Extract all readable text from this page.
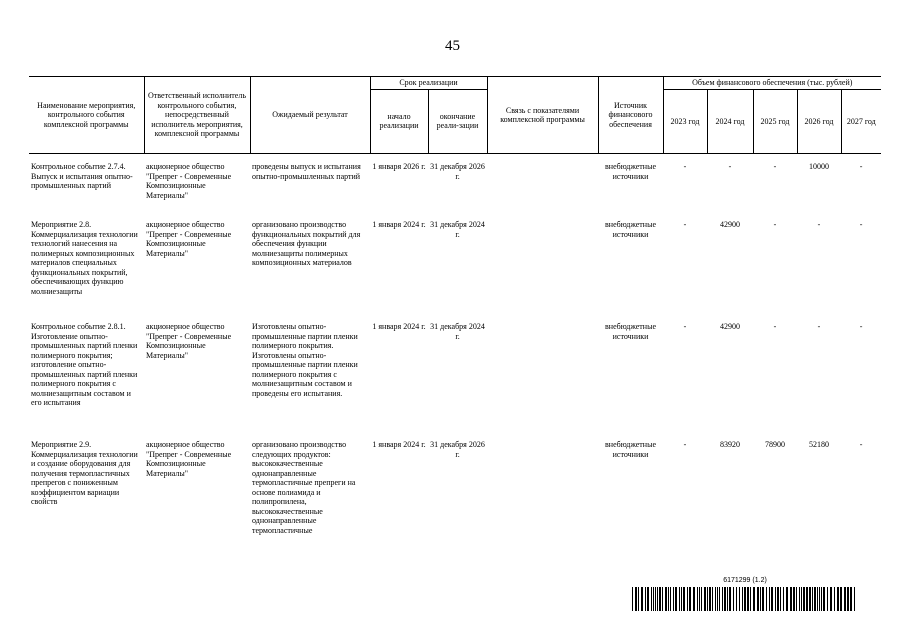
45
Наименование мероприятия, контрольного события комплексной программы	Ответственный исполнитель контрольного события, непосредственный исполнитель мероприятия, комплексной программы	Ожидаемый результат	Срок реализации		Связь с показателями комплексной программы	Источник финансового обеспечения	Объем финансового обеспечения (тыс. рублей)				
			начало реализации	окончание реали-зации			2023 год	2024 год	2025 год	2026 год	2027 год

Контрольное событие 2.7.4. Выпуск и испытания опытно-промышленных партий	акционерное общество "Препрег - Современные Композиционные Материалы"	проведены выпуск и испытания опытно-промышленных партий	1 января 2026 г.	31 декабря 2026 г.		внебюджетные источники	-	-	-	10000	-
Мероприятие 2.8. Коммерциализация технологии технологий нанесения на полимерных композиционных материалов специальных функциональных покрытий, обеспечивающих функцию молниезащиты	акционерное общество "Препрег - Современные Композиционные Материалы"	организовано производство функциональных покрытий для обеспечения функции молниезащиты полимерных композиционных материалов	1 января 2024 г.	31 декабря 2024 г.		внебюджетные источники	-	42900	-	-	-
Контрольное событие 2.8.1. Изготовление опытно-промышленных партий пленки полимерного покрытия; изготовление опытно-промышленных партий пленки полимерного покрытия с молниезащитным составом и его испытания	акционерное общество "Препрег - Современные Композиционные Материалы"	Изготовлены опытно-промышленные партии пленки полимерного покрытия. Изготовлены опытно-промышленные партии пленки полимерного покрытия с молниезащитным составом и проведены его испытания.	1 января 2024 г.	31 декабря 2024 г.		внебюджетные источники	-	42900	-	-	-
Мероприятие 2.9. Коммерциализация технологии и создание оборудования для получения термопластичных препрегов с пониженным коэффициентом вариации свойств	акционерное общество "Препрег - Современные Композиционные Материалы"	организовано производство следующих продуктов: высококачественные однонаправленные термопластичные препреги на основе полиамида и полипропилена, высококачественные однонаправленные термопластичные	1 января 2024 г.	31 декабря 2026 г.		внебюджетные источники	-	83920	78900	52180	-
6171299 (1.2)
